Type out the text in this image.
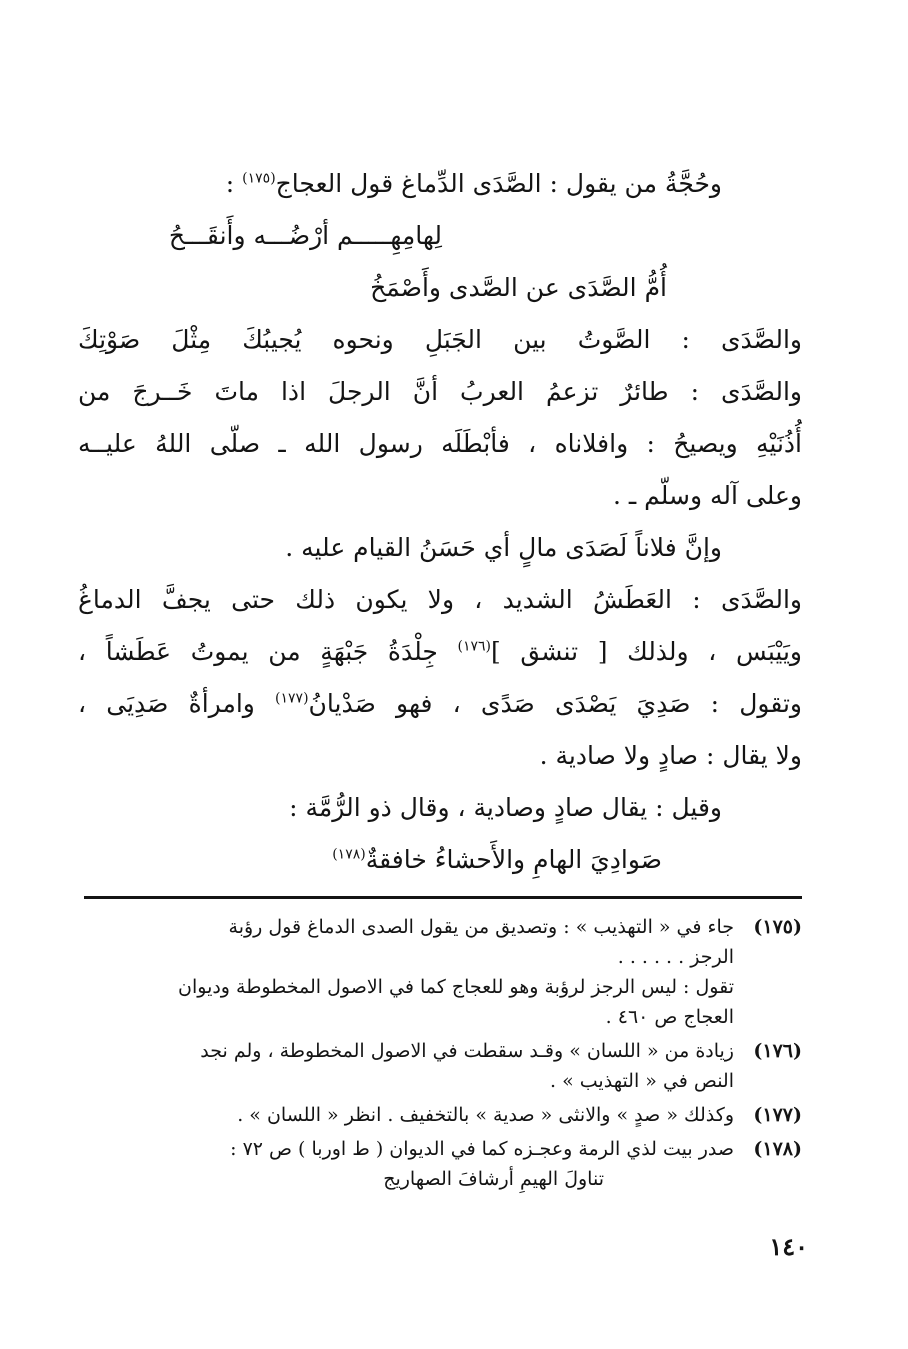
وحُجَّةُ من يقول : الصَّدَى الدِّماغ قول العجاج$^{(١٧٥)}$ :
لِهامِهِـــــم أرْضُـــه وأَنقَـــحُ
أُمُّ الصَّدَى عن الصَّدى وأَصْمَخُ
والصَّدَى : الصَّوتُ بين الجَبَلِ ونحوه يُجيبُكَ مِثْلَ صَوْتِكَ
والصَّدَى : طائرٌ تزعمُ العربُ أنَّ الرجلَ اذا ماتَ خَــرجَ من
أُذُنَيْهِ ويصيحُ : وافلاناه ، فأبْطَلَه رسول الله ـ صلّى اللهُ عليــه
وعلى آله وسلّم ـ .
وإنَّ فلاناً لَصَدَى مالٍ أي حَسَنُ القيام عليه .
والصَّدَى : العَطَشُ الشديد ، ولا يكون ذلك حتى يجفَّ الدماغُ
ويَيْبَس ، ولذلك [ تنشق ]$^{(١٧٦)}$ جِلْدَةُ جَبْهَةٍ من يموتُ عَطَشاً ،
وتقول : صَدِيَ يَصْدَى صَدًى ، فهو صَدْيانُ$^{(١٧٧)}$ وامرأةٌ صَدِيَى ،
ولا يقال : صادٍ ولا صادية .
وقيل : يقال صادٍ وصادية ، وقال ذو الرُّمَّة :
صَوادِيَ الهامِ والأَحشاءُ خافقةٌ$^{(١٧٨)}$
(١٧٥)
جاء في « التهذيب » : وتصديق من يقول الصدى الدماغ قول رؤبة
الرجز . . . . . .
تقول : ليس الرجز لرؤبة وهو للعجاج كما في الاصول المخطوطة وديوان
العجاج ص ٤٦٠ .
(١٧٦)
زيادة من « اللسان » وقـد سقطت في الاصول المخطوطة ، ولم نجد
النص في « التهذيب » .
(١٧٧)
وكذلك « صدٍ » والانثى « صدية » بالتخفيف . انظر « اللسان » .
(١٧٨)
صدر بيت لذي الرمة وعجـزه كما في الديوان ( ط اوربا ) ص ٧٢ :
تناولَ الهيمِ أرشافَ الصهاريج
١٤٠
